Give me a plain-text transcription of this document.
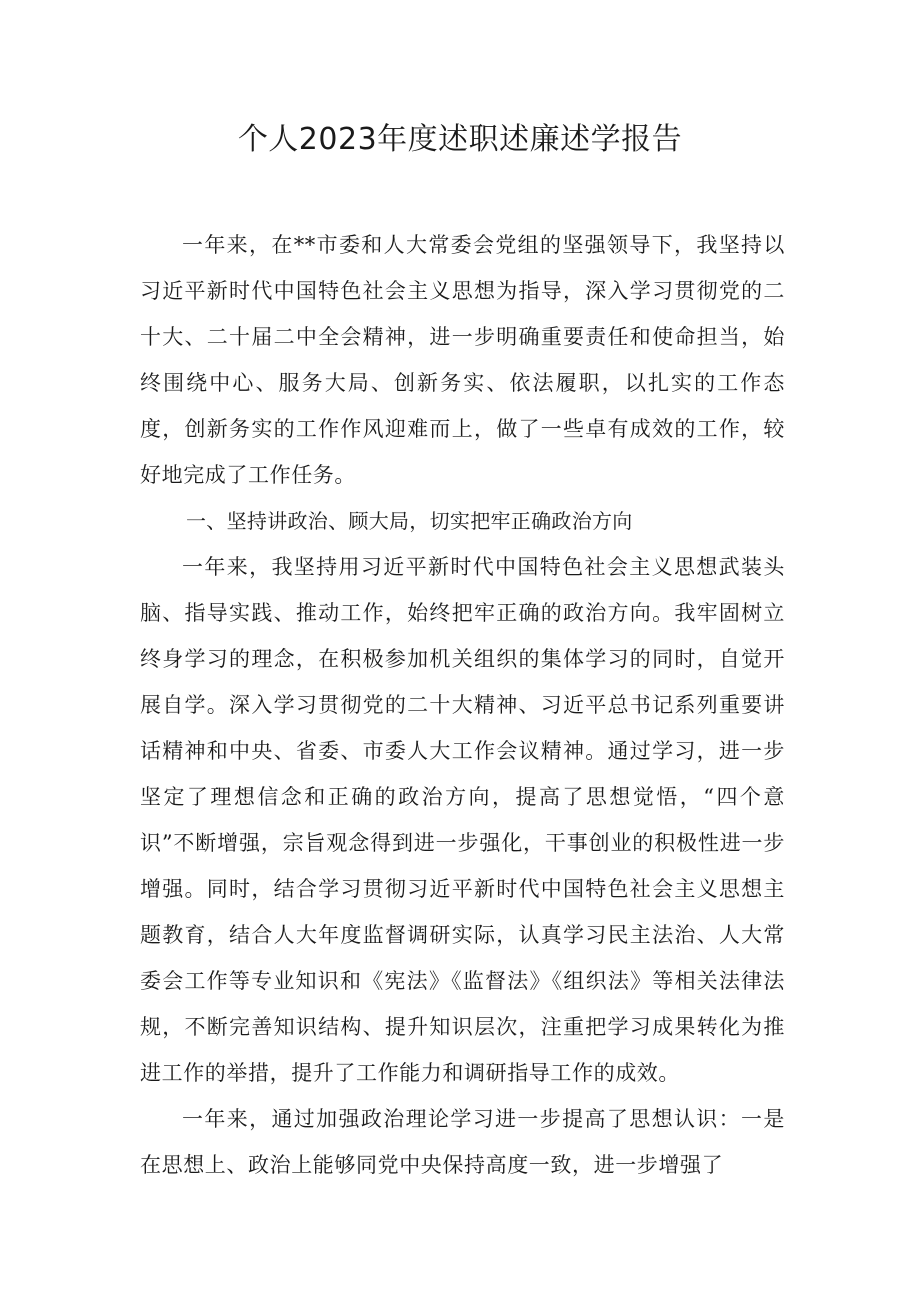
个人2023年度述职述廉述学报告

一年来，在**市委和人大常委会党组的坚强领导下，我坚持以习近平新时代中国特色社会主义思想为指导，深入学习贯彻党的二十大、二十届二中全会精神，进一步明确重要责任和使命担当，始终围绕中心、服务大局、创新务实、依法履职，以扎实的工作态度，创新务实的工作作风迎难而上，做了一些卓有成效的工作，较好地完成了工作任务。

一、坚持讲政治、顾大局，切实把牢正确政治方向

一年来，我坚持用习近平新时代中国特色社会主义思想武装头脑、指导实践、推动工作，始终把牢正确的政治方向。我牢固树立终身学习的理念，在积极参加机关组织的集体学习的同时，自觉开展自学。深入学习贯彻党的二十大精神、习近平总书记系列重要讲话精神和中央、省委、市委人大工作会议精神。通过学习，进一步坚定了理想信念和正确的政治方向，提高了思想觉悟，“四个意识”不断增强，宗旨观念得到进一步强化，干事创业的积极性进一步增强。同时，结合学习贯彻习近平新时代中国特色社会主义思想主题教育，结合人大年度监督调研实际，认真学习民主法治、人大常委会工作等专业知识和《宪法》《监督法》《组织法》等相关法律法规，不断完善知识结构、提升知识层次，注重把学习成果转化为推进工作的举措，提升了工作能力和调研指导工作的成效。

一年来，通过加强政治理论学习进一步提高了思想认识：一是在思想上、政治上能够同党中央保持高度一致，进一步增强了
